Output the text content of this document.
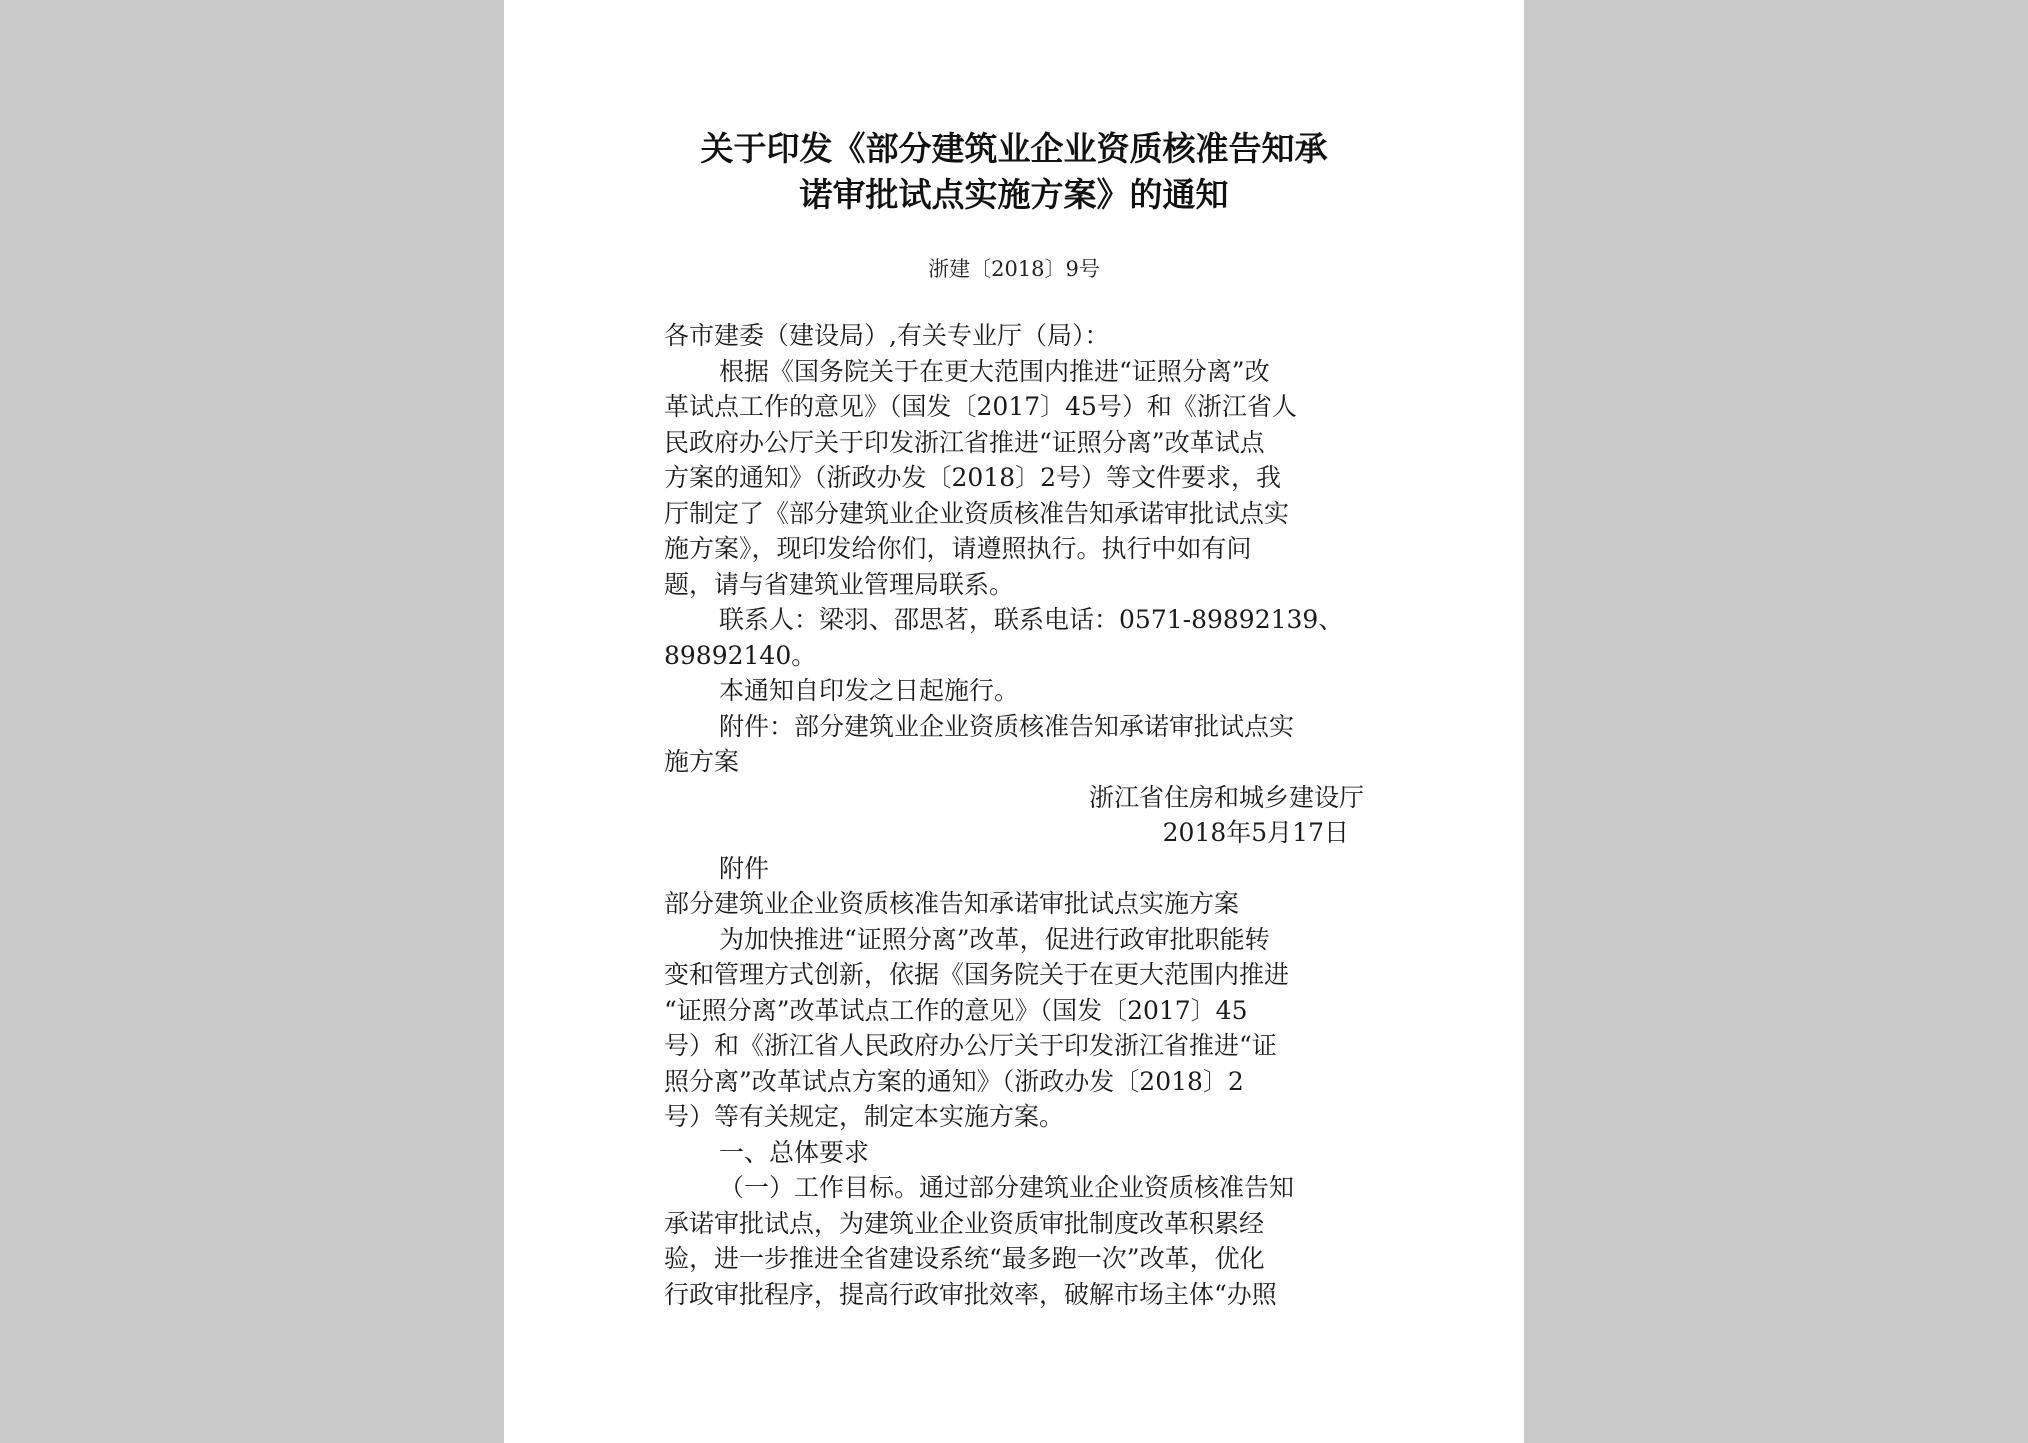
关于印发《部分建筑业企业资质核准告知承
诺审批试点实施方案》的通知
浙建〔2018〕9号
各市建委（建设局）,有关专业厅（局）：
根据《国务院关于在更大范围内推进“证照分离”改
革试点工作的意见》（国发〔2017〕45号）和《浙江省人
民政府办公厅关于印发浙江省推进“证照分离”改革试点
方案的通知》（浙政办发〔2018〕2号）等文件要求，我
厅制定了《部分建筑业企业资质核准告知承诺审批试点实
施方案》，现印发给你们，请遵照执行。执行中如有问
题，请与省建筑业管理局联系。
联系人：梁羽、邵思茗，联系电话：0571-89892139、
89892140。
本通知自印发之日起施行。
附件：部分建筑业企业资质核准告知承诺审批试点实
施方案
浙江省住房和城乡建设厅
2018年5月17日
附件
部分建筑业企业资质核准告知承诺审批试点实施方案
为加快推进“证照分离”改革，促进行政审批职能转
变和管理方式创新，依据《国务院关于在更大范围内推进
“证照分离”改革试点工作的意见》（国发〔2017〕45
号）和《浙江省人民政府办公厅关于印发浙江省推进“证
照分离”改革试点方案的通知》（浙政办发〔2018〕2
号）等有关规定，制定本实施方案。
一、总体要求
（一）工作目标。通过部分建筑业企业资质核准告知
承诺审批试点，为建筑业企业资质审批制度改革积累经
验，进一步推进全省建设系统“最多跑一次”改革，优化
行政审批程序，提高行政审批效率，破解市场主体“办照
